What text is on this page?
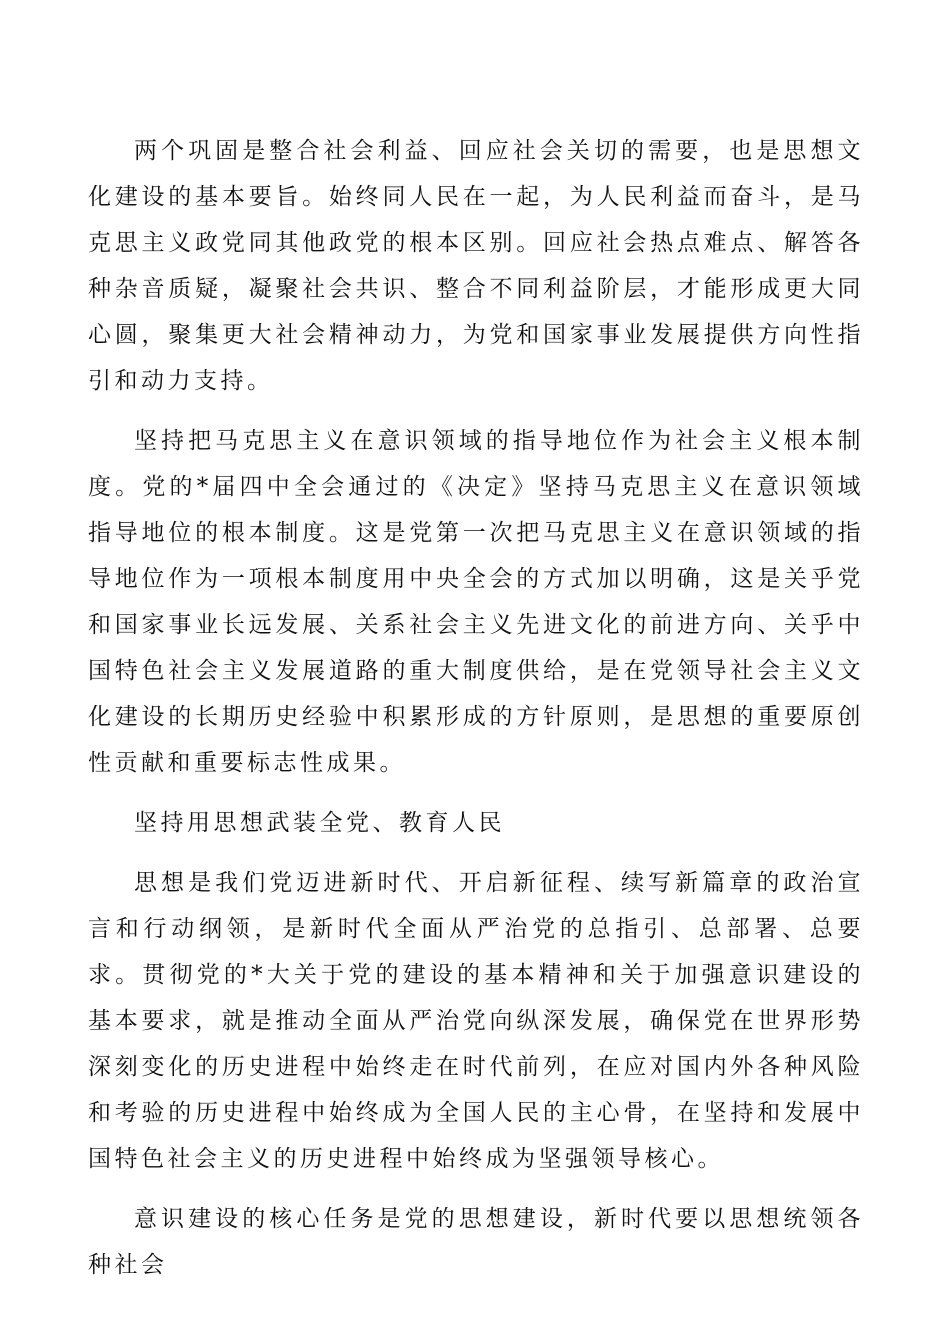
两个巩固是整合社会利益、回应社会关切的需要，也是思想文化建设的基本要旨。始终同人民在一起，为人民利益而奋斗，是马克思主义政党同其他政党的根本区别。回应社会热点难点、解答各种杂音质疑，凝聚社会共识、整合不同利益阶层，才能形成更大同心圆，聚集更大社会精神动力，为党和国家事业发展提供方向性指引和动力支持。

坚持把马克思主义在意识领域的指导地位作为社会主义根本制度。党的*届四中全会通过的《决定》坚持马克思主义在意识领域指导地位的根本制度。这是党第一次把马克思主义在意识领域的指导地位作为一项根本制度用中央全会的方式加以明确，这是关乎党和国家事业长远发展、关系社会主义先进文化的前进方向、关乎中国特色社会主义发展道路的重大制度供给，是在党领导社会主义文化建设的长期历史经验中积累形成的方针原则，是思想的重要原创性贡献和重要标志性成果。

坚持用思想武装全党、教育人民

思想是我们党迈进新时代、开启新征程、续写新篇章的政治宣言和行动纲领，是新时代全面从严治党的总指引、总部署、总要求。贯彻党的*大关于党的建设的基本精神和关于加强意识建设的基本要求，就是推动全面从严治党向纵深发展，确保党在世界形势深刻变化的历史进程中始终走在时代前列，在应对国内外各种风险和考验的历史进程中始终成为全国人民的主心骨，在坚持和发展中国特色社会主义的历史进程中始终成为坚强领导核心。

意识建设的核心任务是党的思想建设，新时代要以思想统领各种社会
